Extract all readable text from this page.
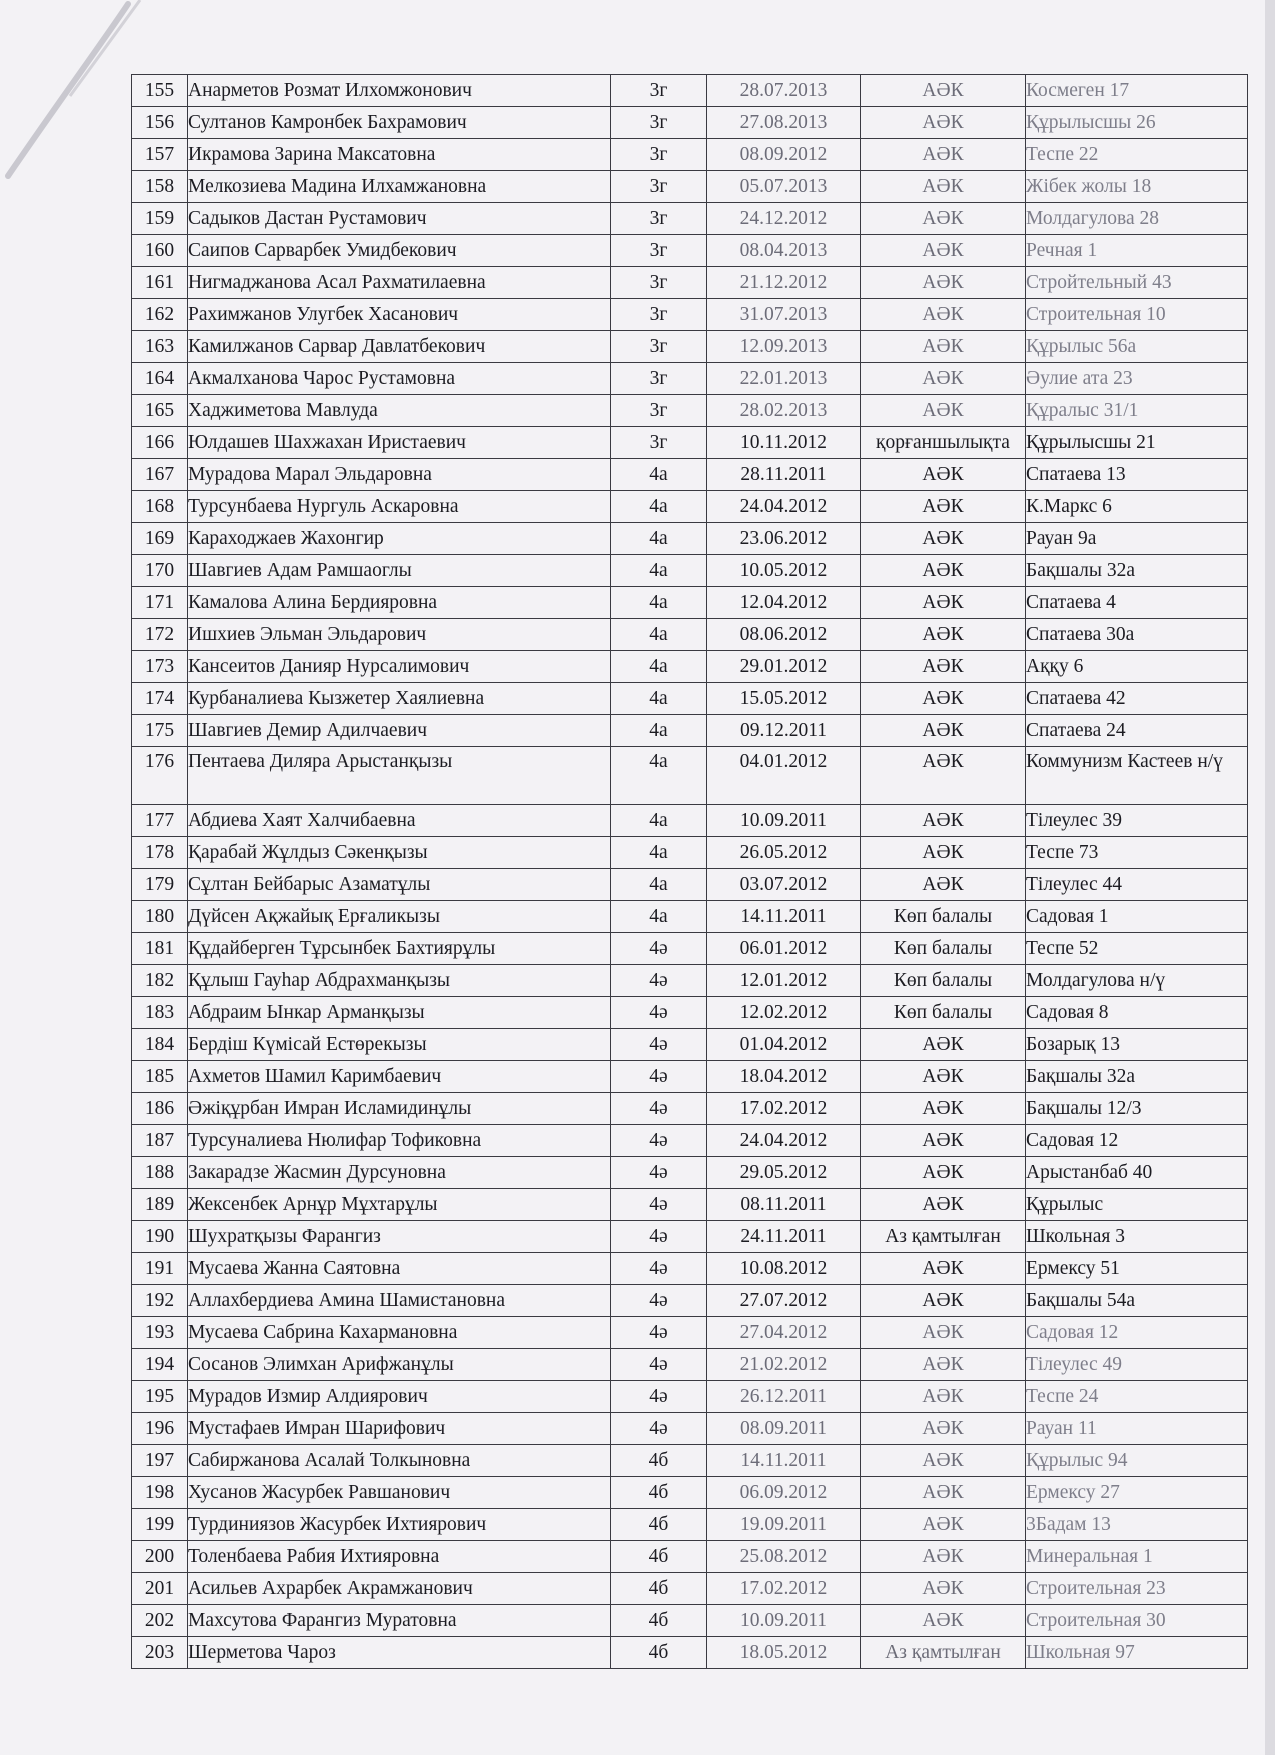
155	Анарметов Розмат Илхомжонович	3г	28.07.2013	АӘК	Космеген 17
156	Султанов Камронбек Бахрамович	3г	27.08.2013	АӘК	Құрылысшы 26
157	Икрамова Зарина Максатовна	3г	08.09.2012	АӘК	Теспе 22
158	Мелкозиева Мадина Илхамжановна	3г	05.07.2013	АӘК	Жібек жолы 18
159	Садыков Дастан Рустамович	3г	24.12.2012	АӘК	Молдагулова 28
160	Саипов Сарварбек Умидбекович	3г	08.04.2013	АӘК	Речная 1
161	Нигмаджанова Асал Рахматилаевна	3г	21.12.2012	АӘК	Стройтельный 43
162	Рахимжанов Улугбек Хасанович	3г	31.07.2013	АӘК	Строительная 10
163	Камилжанов Сарвар Давлатбекович	3г	12.09.2013	АӘК	Құрылыс 56а
164	Акмалханова Чарос Рустамовна	3г	22.01.2013	АӘК	Әулие ата 23
165	Хаджиметова Мавлуда	3г	28.02.2013	АӘК	Құралыс 31/1
166	Юлдашев Шахжахан Иристаевич	3г	10.11.2012	қорғаншылықта	Құрылысшы 21
167	Мурадова Марал Эльдаровна	4а	28.11.2011	АӘК	Спатаева 13
168	Турсунбаева Нургуль Аскаровна	4а	24.04.2012	АӘК	К.Маркс 6
169	Караходжаев Жахонгир	4а	23.06.2012	АӘК	Рауан 9а
170	Шавгиев Адам Рамшаоглы	4а	10.05.2012	АӘК	Бақшалы 32а
171	Камалова Алина Бердияровна	4а	12.04.2012	АӘК	Спатаева 4
172	Ишхиев Эльман Эльдарович	4а	08.06.2012	АӘК	Спатаева 30а
173	Кансеитов Данияр Нурсалимович	4а	29.01.2012	АӘК	Аққу 6
174	Курбаналиева Кызжетер Хаялиевна	4а	15.05.2012	АӘК	Спатаева 42
175	Шавгиев Демир Адилчаевич	4а	09.12.2011	АӘК	Спатаева 24
176	Пентаева Диляра Арыстанқызы	4а	04.01.2012	АӘК	Коммунизм Кастеев н/ү
177	Абдиева Хаят Халчибаевна	4а	10.09.2011	АӘК	Тілеулес 39
178	Қарабай Жұлдыз Сәкенқызы	4а	26.05.2012	АӘК	Теспе 73
179	Сұлтан Бейбарыс Азаматұлы	4а	03.07.2012	АӘК	Тілеулес 44
180	Дүйсен Ақжайық Ерғаликызы	4а	14.11.2011	Көп балалы	Садовая 1
181	Құдайберген Тұрсынбек Бахтиярұлы	4ә	06.01.2012	Көп балалы	Теспе 52
182	Құлыш Гауһар Абдрахманқызы	4ә	12.01.2012	Көп балалы	Молдагулова н/ү
183	Абдраим Ынкар Арманқызы	4ә	12.02.2012	Көп балалы	Садовая 8
184	Бердіш Күмісай Естөрекызы	4ә	01.04.2012	АӘК	Бозарық 13
185	Ахметов Шамил Каримбаевич	4ә	18.04.2012	АӘК	Бақшалы 32а
186	Әжіқұрбан Имран Исламидинұлы	4ә	17.02.2012	АӘК	Бақшалы 12/3
187	Турсуналиева Нюлифар Тофиковна	4ә	24.04.2012	АӘК	Садовая 12
188	Закарадзе Жасмин Дурсуновна	4ә	29.05.2012	АӘК	Арыстанбаб 40
189	Жексенбек Арнұр Мұхтарұлы	4ә	08.11.2011	АӘК	Құрылыс
190	Шухратқызы Фарангиз	4ә	24.11.2011	Аз қамтылған	Школьная 3
191	Мусаева Жанна Саятовна	4ә	10.08.2012	АӘК	Ермексу 51
192	Аллахбердиева Амина Шамистановна	4ә	27.07.2012	АӘК	Бақшалы 54а
193	Мусаева Сабрина Кахармановна	4ә	27.04.2012	АӘК	Садовая 12
194	Сосанов Элимхан Арифжанұлы	4ә	21.02.2012	АӘК	Тілеулес 49
195	Мурадов Измир Алдиярович	4ә	26.12.2011	АӘК	Теспе 24
196	Мустафаев Имран Шарифович	4ә	08.09.2011	АӘК	Рауан 11
197	Сабиржанова Асалай Толкыновна	4б	14.11.2011	АӘК	Құрылыс 94
198	Хусанов Жасурбек Равшанович	4б	06.09.2012	АӘК	Ермексу 27
199	Турдиниязов Жасурбек Ихтиярович	4б	19.09.2011	АӘК	3Бадам 13
200	Толенбаева Рабия Ихтияровна	4б	25.08.2012	АӘК	Минеральная 1
201	Асильев Ахрарбек Акрамжанович	4б	17.02.2012	АӘК	Строительная 23
202	Махсутова Фарангиз Муратовна	4б	10.09.2011	АӘК	Строительная 30
203	Шерметова Чароз	4б	18.05.2012	Аз қамтылған	Школьная 97
